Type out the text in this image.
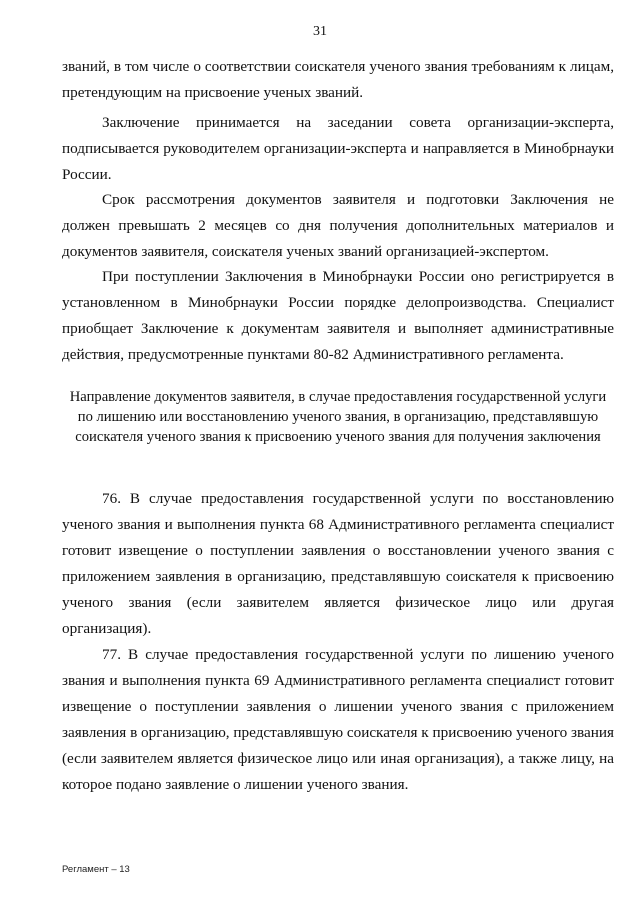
31

званий, в том числе о соответствии соискателя ученого звания требованиям к лицам, претендующим на присвоение ученых званий.

Заключение принимается на заседании совета организации-эксперта, подписывается руководителем организации-эксперта и направляется в Минобрнауки России.

Срок рассмотрения документов заявителя и подготовки Заключения не должен превышать 2 месяцев со дня получения дополнительных материалов и документов заявителя, соискателя ученых званий организацией-экспертом.

При поступлении Заключения в Минобрнауки России оно регистрируется в установленном в Минобрнауки России порядке делопроизводства. Специалист приобщает Заключение к документам заявителя и выполняет административные действия, предусмотренные пунктами 80-82 Административного регламента.

Направление документов заявителя, в случае предоставления государственной услуги по лишению или восстановлению ученого звания, в организацию, представлявшую соискателя ученого звания к присвоению ученого звания для получения заключения

76. В случае предоставления государственной услуги по восстановлению ученого звания и выполнения пункта 68 Административного регламента специалист готовит извещение о поступлении заявления о восстановлении ученого звания с приложением заявления в организацию, представлявшую соискателя к присвоению ученого звания (если заявителем является физическое лицо или другая организация).

77. В случае предоставления государственной услуги по лишению ученого звания и выполнения пункта 69 Административного регламента специалист готовит извещение о поступлении заявления о лишении ученого звания с приложением заявления в организацию, представлявшую соискателя к присвоению ученого звания (если заявителем является физическое лицо или иная организация), а также лицу, на которое подано заявление о лишении ученого звания.

Регламент – 13
